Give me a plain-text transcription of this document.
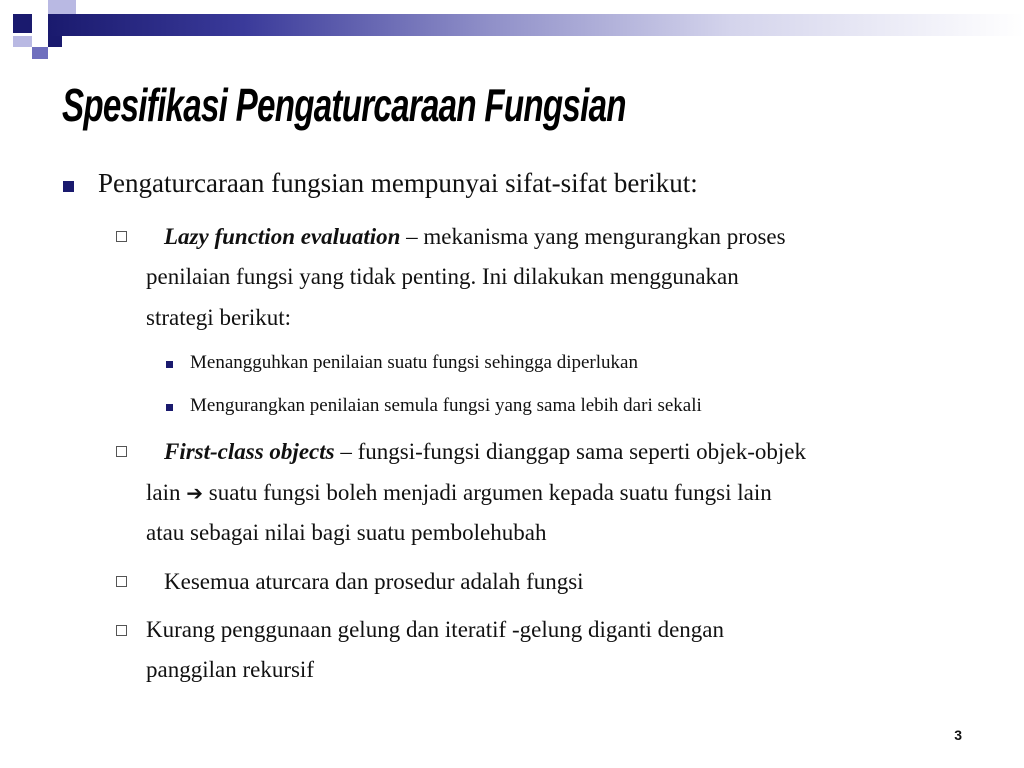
Spesifikasi Pengaturcaraan Fungsian
Pengaturcaraan fungsian mempunyai sifat-sifat berikut:
Lazy function evaluation – mekanisma yang mengurangkan proses
penilaian fungsi yang tidak penting. Ini dilakukan menggunakan
strategi berikut:
Menangguhkan penilaian suatu fungsi sehingga diperlukan
Mengurangkan penilaian semula fungsi yang sama lebih dari sekali
First-class objects – fungsi-fungsi dianggap sama seperti objek-objek
lain ➔ suatu fungsi boleh menjadi argumen kepada suatu fungsi lain
atau sebagai nilai bagi suatu pembolehubah
Kesemua aturcara dan prosedur adalah fungsi
Kurang penggunaan gelung dan iteratif -gelung diganti dengan
panggilan rekursif
3
